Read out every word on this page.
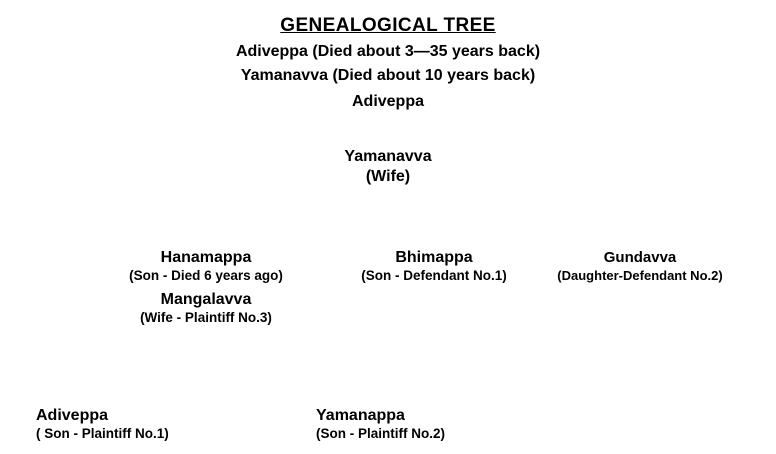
GENEALOGICAL TREE
Adiveppa (Died about 3—35 years back)
Yamanavva (Died about 10 years back)
Adiveppa
Yamanavva
(Wife)
Hanamappa
(Son - Died 6 years ago)
Mangalavva
(Wife - Plaintiff No.3)
Bhimappa
(Son - Defendant No.1)
Gundavva
(Daughter-Defendant No.2)
Adiveppa
( Son - Plaintiff No.1)
Yamanappa
(Son - Plaintiff No.2)
